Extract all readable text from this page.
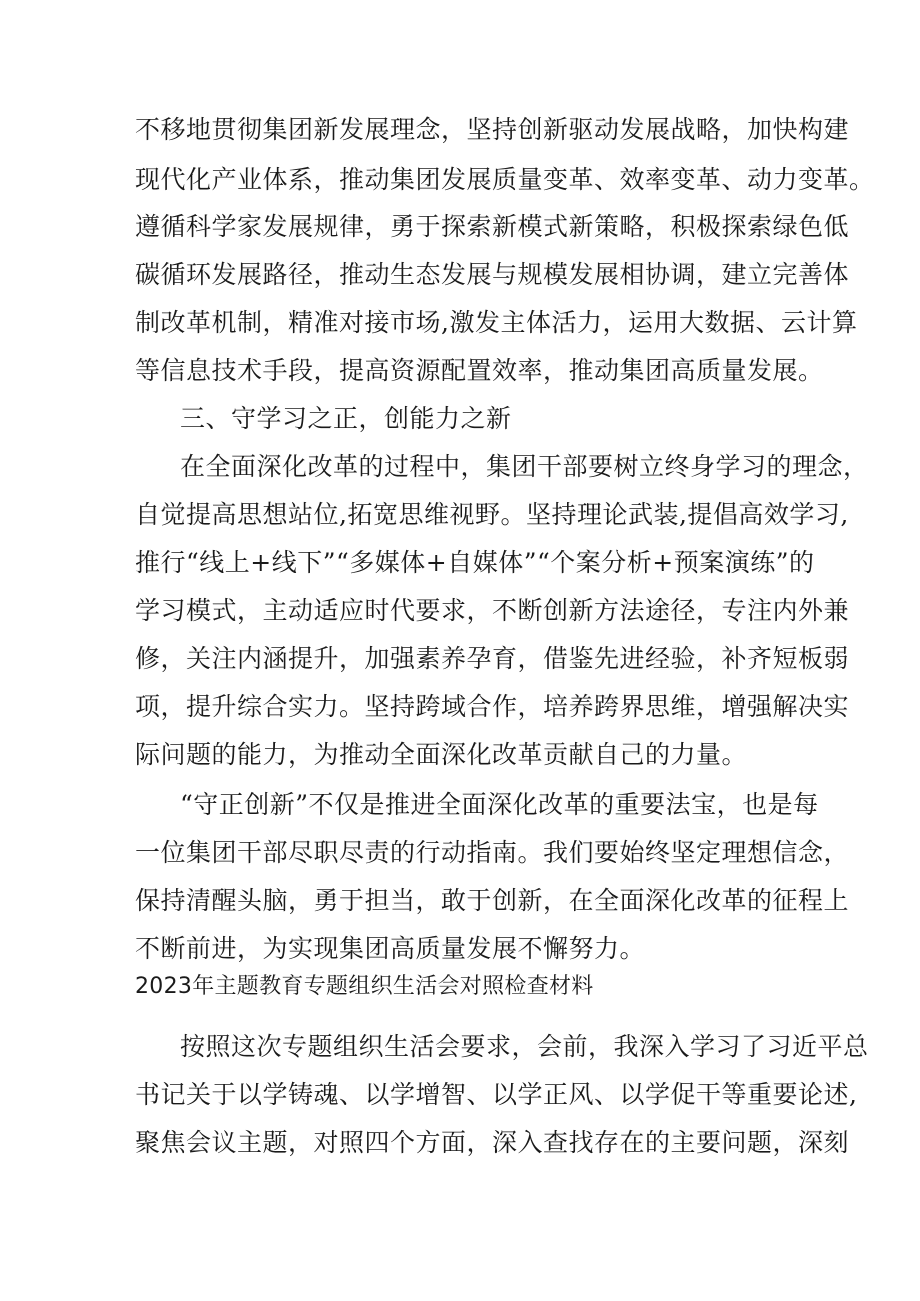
不移地贯彻集团新发展理念，坚持创新驱动发展战略，加快构建
现代化产业体系，推动集团发展质量变革、效率变革、动力变革。
遵循科学家发展规律，勇于探索新模式新策略，积极探索绿色低
碳循环发展路径，推动生态发展与规模发展相协调，建立完善体
制改革机制，精准对接市场,激发主体活力，运用大数据、云计算
等信息技术手段，提高资源配置效率，推动集团高质量发展。
三、守学习之正，创能力之新
在全面深化改革的过程中，集团干部要树立终身学习的理念，
自觉提高思想站位,拓宽思维视野。坚持理论武装,提倡高效学习,
推行“线上+线下”“多媒体+自媒体”“个案分析+预案演练”的
学习模式，主动适应时代要求，不断创新方法途径，专注内外兼
修，关注内涵提升，加强素养孕育，借鉴先进经验，补齐短板弱
项，提升综合实力。坚持跨域合作，培养跨界思维，增强解决实
际问题的能力，为推动全面深化改革贡献自己的力量。
“守正创新”不仅是推进全面深化改革的重要法宝，也是每
一位集团干部尽职尽责的行动指南。我们要始终坚定理想信念，
保持清醒头脑，勇于担当，敢于创新，在全面深化改革的征程上
不断前进，为实现集团高质量发展不懈努力。
2023年主题教育专题组织生活会对照检查材料
按照这次专题组织生活会要求，会前，我深入学习了习近平总
书记关于以学铸魂、以学增智、以学正风、以学促干等重要论述,
聚焦会议主题，对照四个方面，深入查找存在的主要问题，深刻
